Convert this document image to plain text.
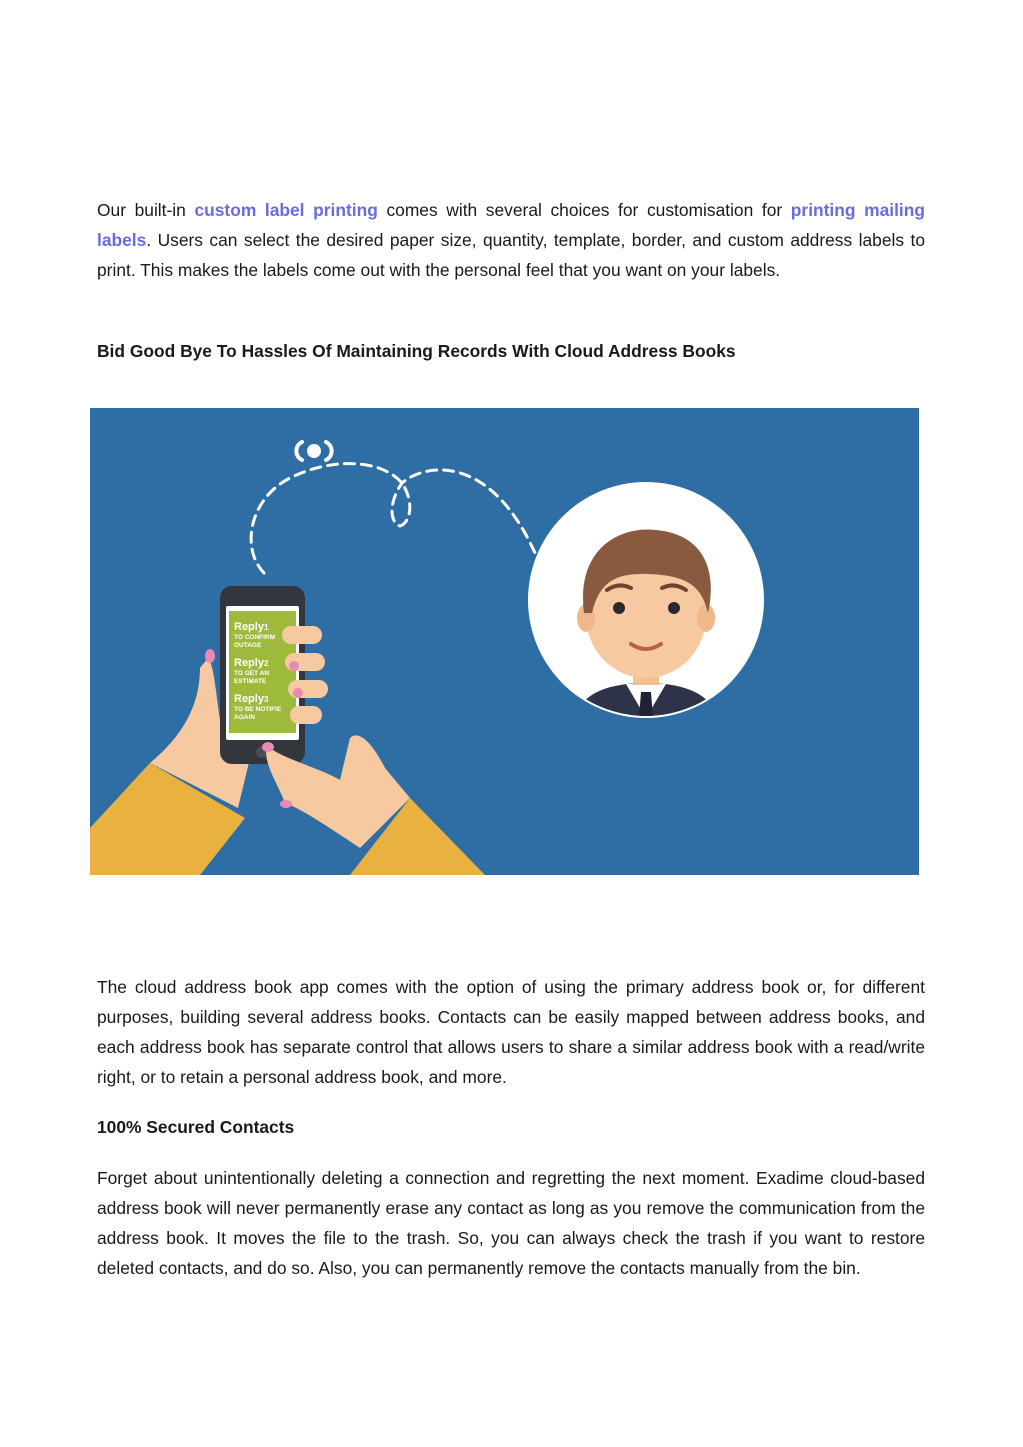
Our built-in custom label printing comes with several choices for customisation for printing mailing labels. Users can select the desired paper size, quantity, template, border, and custom address labels to print. This makes the labels come out with the personal feel that you want on your labels.

Bid Good Bye To Hassles Of Maintaining Records With Cloud Address Books
Reply1
TO CONFIRM
OUTAGE
Reply2
TO GET AN
ESTIMATE
Reply3
TO BE NOTIFIE
AGAIN

The cloud address book app comes with the option of using the primary address book or, for different purposes, building several address books. Contacts can be easily mapped between address books, and each address book has separate control that allows users to share a similar address book with a read/write right, or to retain a personal address book, and more.

100% Secured Contacts

Forget about unintentionally deleting a connection and regretting the next moment. Exadime cloud-based address book will never permanently erase any contact as long as you remove the communication from the address book. It moves the file to the trash. So, you can always check the trash if you want to restore deleted contacts, and do so. Also, you can permanently remove the contacts manually from the bin.
